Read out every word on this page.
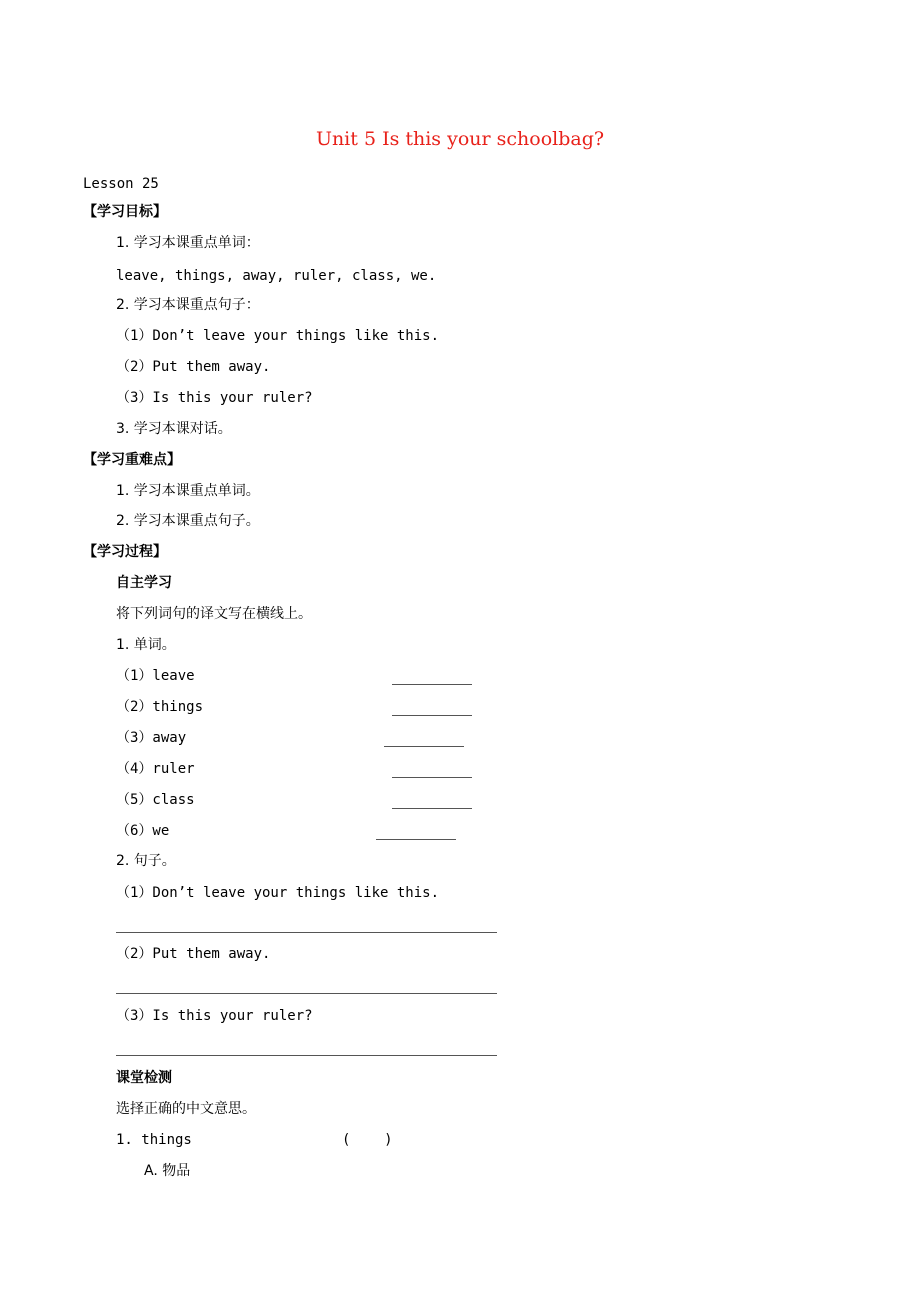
Unit 5 Is this your schoolbag?
Lesson 25
【学习目标】
1. 学习本课重点单词：
leave, things, away, ruler, class, we.
2. 学习本课重点句子：
（1）Don’t leave your things like this.
（2）Put them away.
（3）Is this your ruler?
3. 学习本课对话。
【学习重难点】
1. 学习本课重点单词。
2. 学习本课重点句子。
【学习过程】
自主学习
将下列词句的译文写在横线上。
1. 单词。
（1）leave
（2）things
（3）away
（4）ruler
（5）class
（6）we
2. 句子。
（1）Don’t leave your things like this.
（2）Put them away.
（3）Is this your ruler?
课堂检测
选择正确的中文意思。
1. things	(    )
A. 物品
